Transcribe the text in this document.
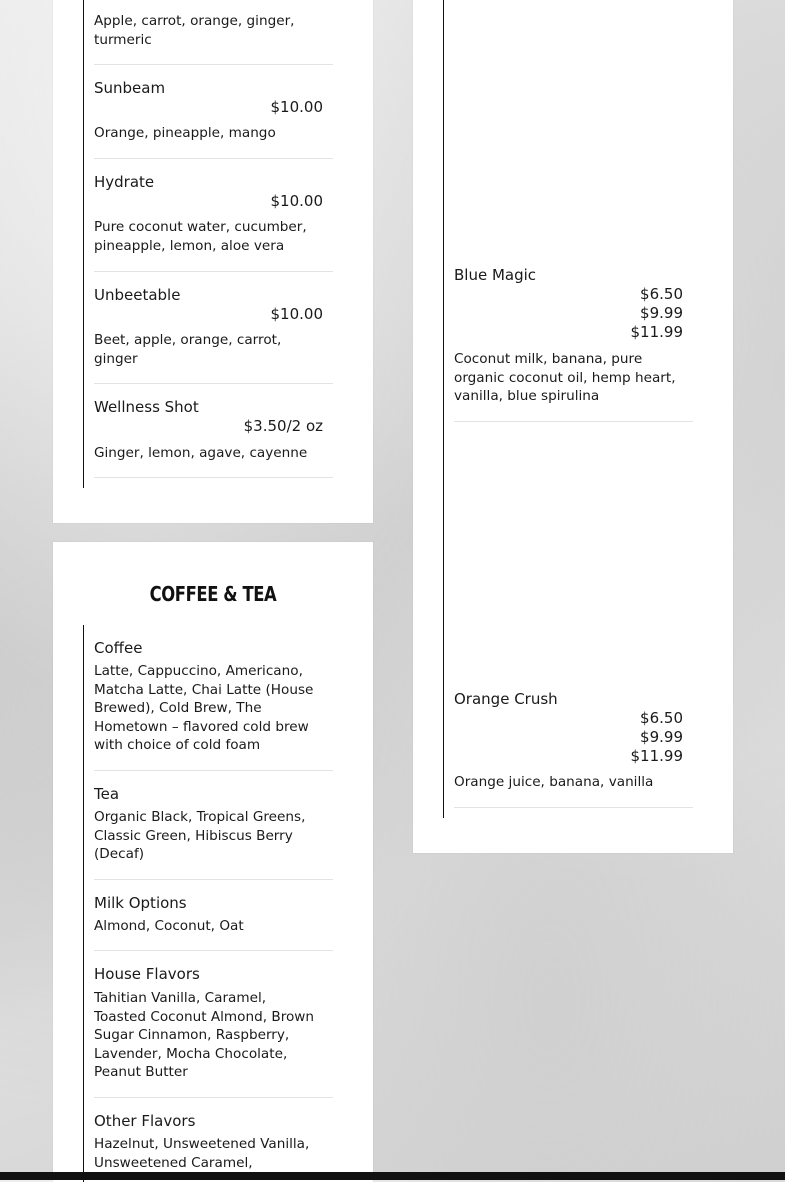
Apple, carrot, orange, ginger, turmeric
Sunbeam
$10.00
Orange, pineapple, mango
Hydrate
$10.00
Pure coconut water, cucumber, pineapple, lemon, aloe vera
Unbeetable
$10.00
Beet, apple, orange, carrot, ginger
Wellness Shot
$3.50/2 oz
Ginger, lemon, agave, cayenne
COFFEE & TEA
Coffee
Latte, Cappuccino, Americano, Matcha Latte, Chai Latte (House Brewed), Cold Brew, The Hometown – flavored cold brew with choice of cold foam
Tea
Organic Black, Tropical Greens, Classic Green, Hibiscus Berry (Decaf)
Milk Options
Almond, Coconut, Oat
House Flavors
Tahitian Vanilla, Caramel, Toasted Coconut Almond, Brown Sugar Cinnamon, Raspberry, Lavender, Mocha Chocolate, Peanut Butter
Other Flavors
Hazelnut, Unsweetened Vanilla, Unsweetened Caramel,
Blue Magic
$6.50
$9.99
$11.99
Coconut milk, banana, pure organic coconut oil, hemp heart, vanilla, blue spirulina
Orange Crush
$6.50
$9.99
$11.99
Orange juice, banana, vanilla
